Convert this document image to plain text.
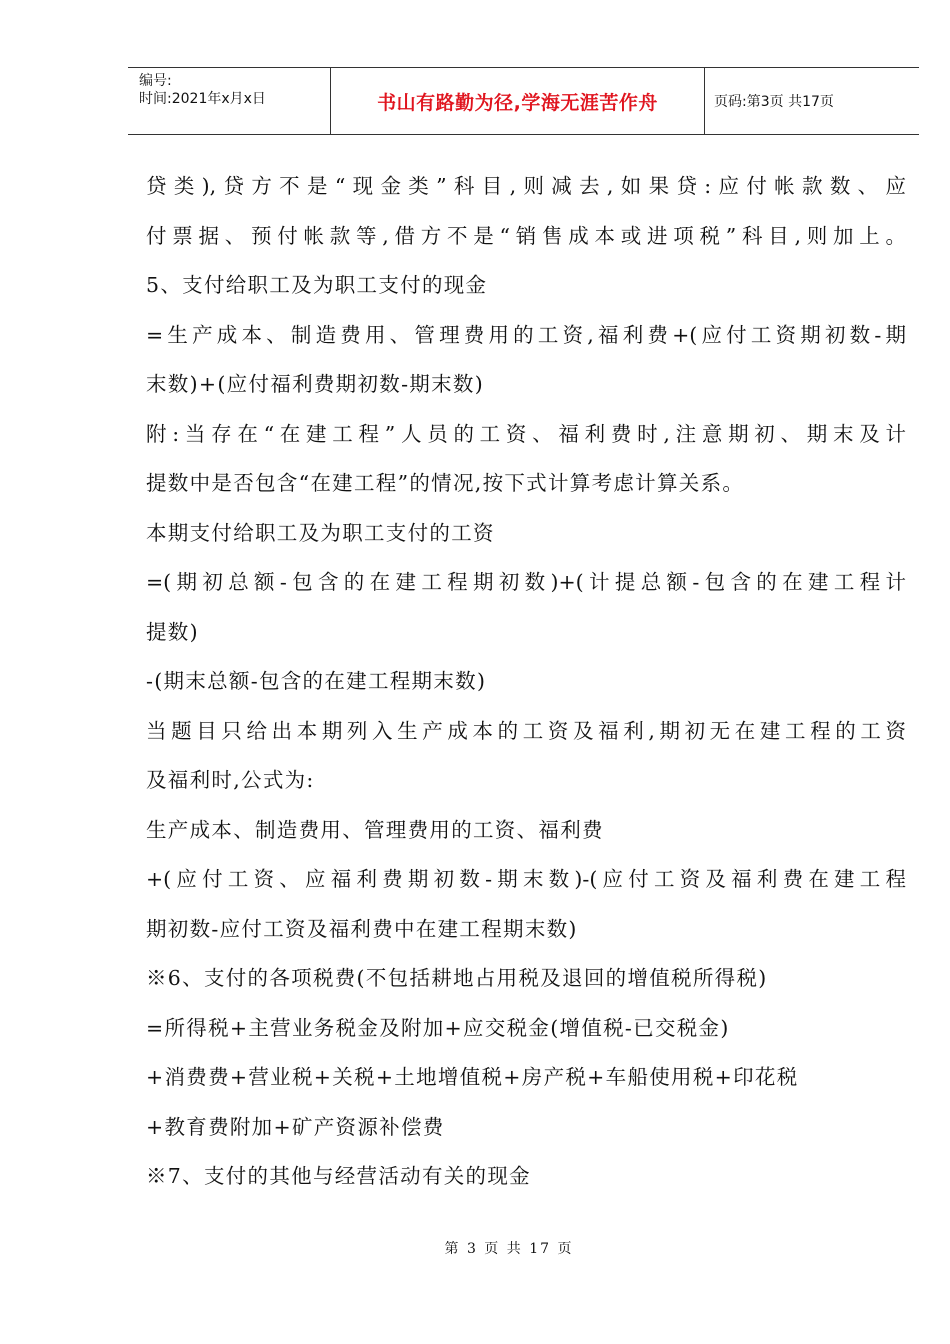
编号:
时间:2021年x月x日	书山有路勤为径,学海无涯苦作舟	页码:第3页 共17页
贷类),贷方不是“现金类”科目,则减去,如果贷:应付帐款数、应
付票据、预付帐款等,借方不是“销售成本或进项税”科目,则加上。
5、支付给职工及为职工支付的现金
=生产成本、制造费用、管理费用的工资,福利费+(应付工资期初数-期
末数)+(应付福利费期初数-期末数)
附:当存在“在建工程”人员的工资、福利费时,注意期初、期末及计
提数中是否包含“在建工程”的情况,按下式计算考虑计算关系。
本期支付给职工及为职工支付的工资
=(期初总额-包含的在建工程期初数)+(计提总额-包含的在建工程计
提数)
-(期末总额-包含的在建工程期末数)
当题目只给出本期列入生产成本的工资及福利,期初无在建工程的工资
及福利时,公式为:
生产成本、制造费用、管理费用的工资、福利费
+(应付工资、应福利费期初数-期末数)-(应付工资及福利费在建工程
期初数-应付工资及福利费中在建工程期末数)
※6、支付的各项税费(不包括耕地占用税及退回的增值税所得税)
=所得税+主营业务税金及附加+应交税金(增值税-已交税金)
+消费费+营业税+关税+土地增值税+房产税+车船使用税+印花税
+教育费附加+矿产资源补偿费
※7、支付的其他与经营活动有关的现金
第 3 页 共 17 页
